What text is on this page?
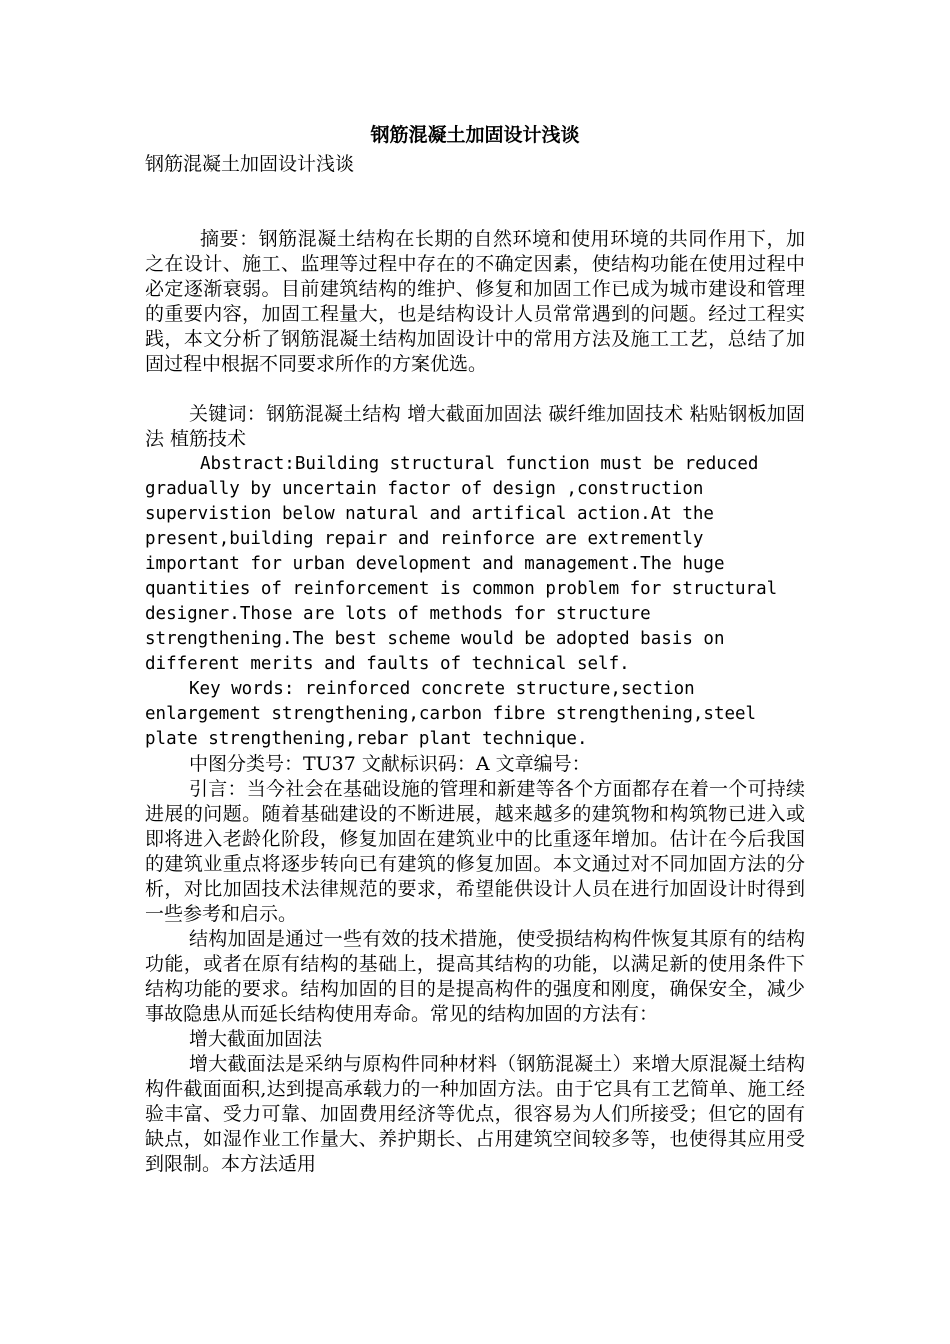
钢筋混凝土加固设计浅谈

钢筋混凝土加固设计浅谈

摘要：钢筋混凝土结构在长期的自然环境和使用环境的共同作用下，加之在设计、施工、监理等过程中存在的不确定因素，使结构功能在使用过程中必定逐渐衰弱。目前建筑结构的维护、修复和加固工作已成为城市建设和管理的重要内容，加固工程量大，也是结构设计人员常常遇到的问题。经过工程实践，本文分析了钢筋混凝土结构加固设计中的常用方法及施工工艺，总结了加固过程中根据不同要求所作的方案优选。

关键词：钢筋混凝土结构 增大截面加固法 碳纤维加固技术 粘贴钢板加固法 植筋技术

Abstract:Building structural function must be reduced gradually by uncertain factor of design ,construction supervistion below natural and artifical action.At the present,building repair and reinforce are extremently important for urban development and management.The huge quantities of reinforcement is common problem for structural designer.Those are lots of methods for structure strengthening.The best scheme would be adopted basis on different merits and faults of technical self.

Key words: reinforced concrete structure,section enlargement strengthening,carbon fibre strengthening,steel plate strengthening,rebar plant technique.

中图分类号：TU37 文献标识码：A 文章编号：

引言：当今社会在基础设施的管理和新建等各个方面都存在着一个可持续进展的问题。随着基础建设的不断进展，越来越多的建筑物和构筑物已进入或即将进入老龄化阶段，修复加固在建筑业中的比重逐年增加。估计在今后我国的建筑业重点将逐步转向已有建筑的修复加固。本文通过对不同加固方法的分析，对比加固技术法律规范的要求，希望能供设计人员在进行加固设计时得到一些参考和启示。

结构加固是通过一些有效的技术措施，使受损结构构件恢复其原有的结构功能，或者在原有结构的基础上，提高其结构的功能，以满足新的使用条件下结构功能的要求。结构加固的目的是提高构件的强度和刚度，确保安全，减少事故隐患从而延长结构使用寿命。常见的结构加固的方法有：

增大截面加固法

增大截面法是采纳与原构件同种材料（钢筋混凝土）来增大原混凝土结构构件截面面积,达到提高承载力的一种加固方法。由于它具有工艺简单、施工经验丰富、受力可靠、加固费用经济等优点，很容易为人们所接受；但它的固有缺点，如湿作业工作量大、养护期长、占用建筑空间较多等，也使得其应用受到限制。本方法适用
